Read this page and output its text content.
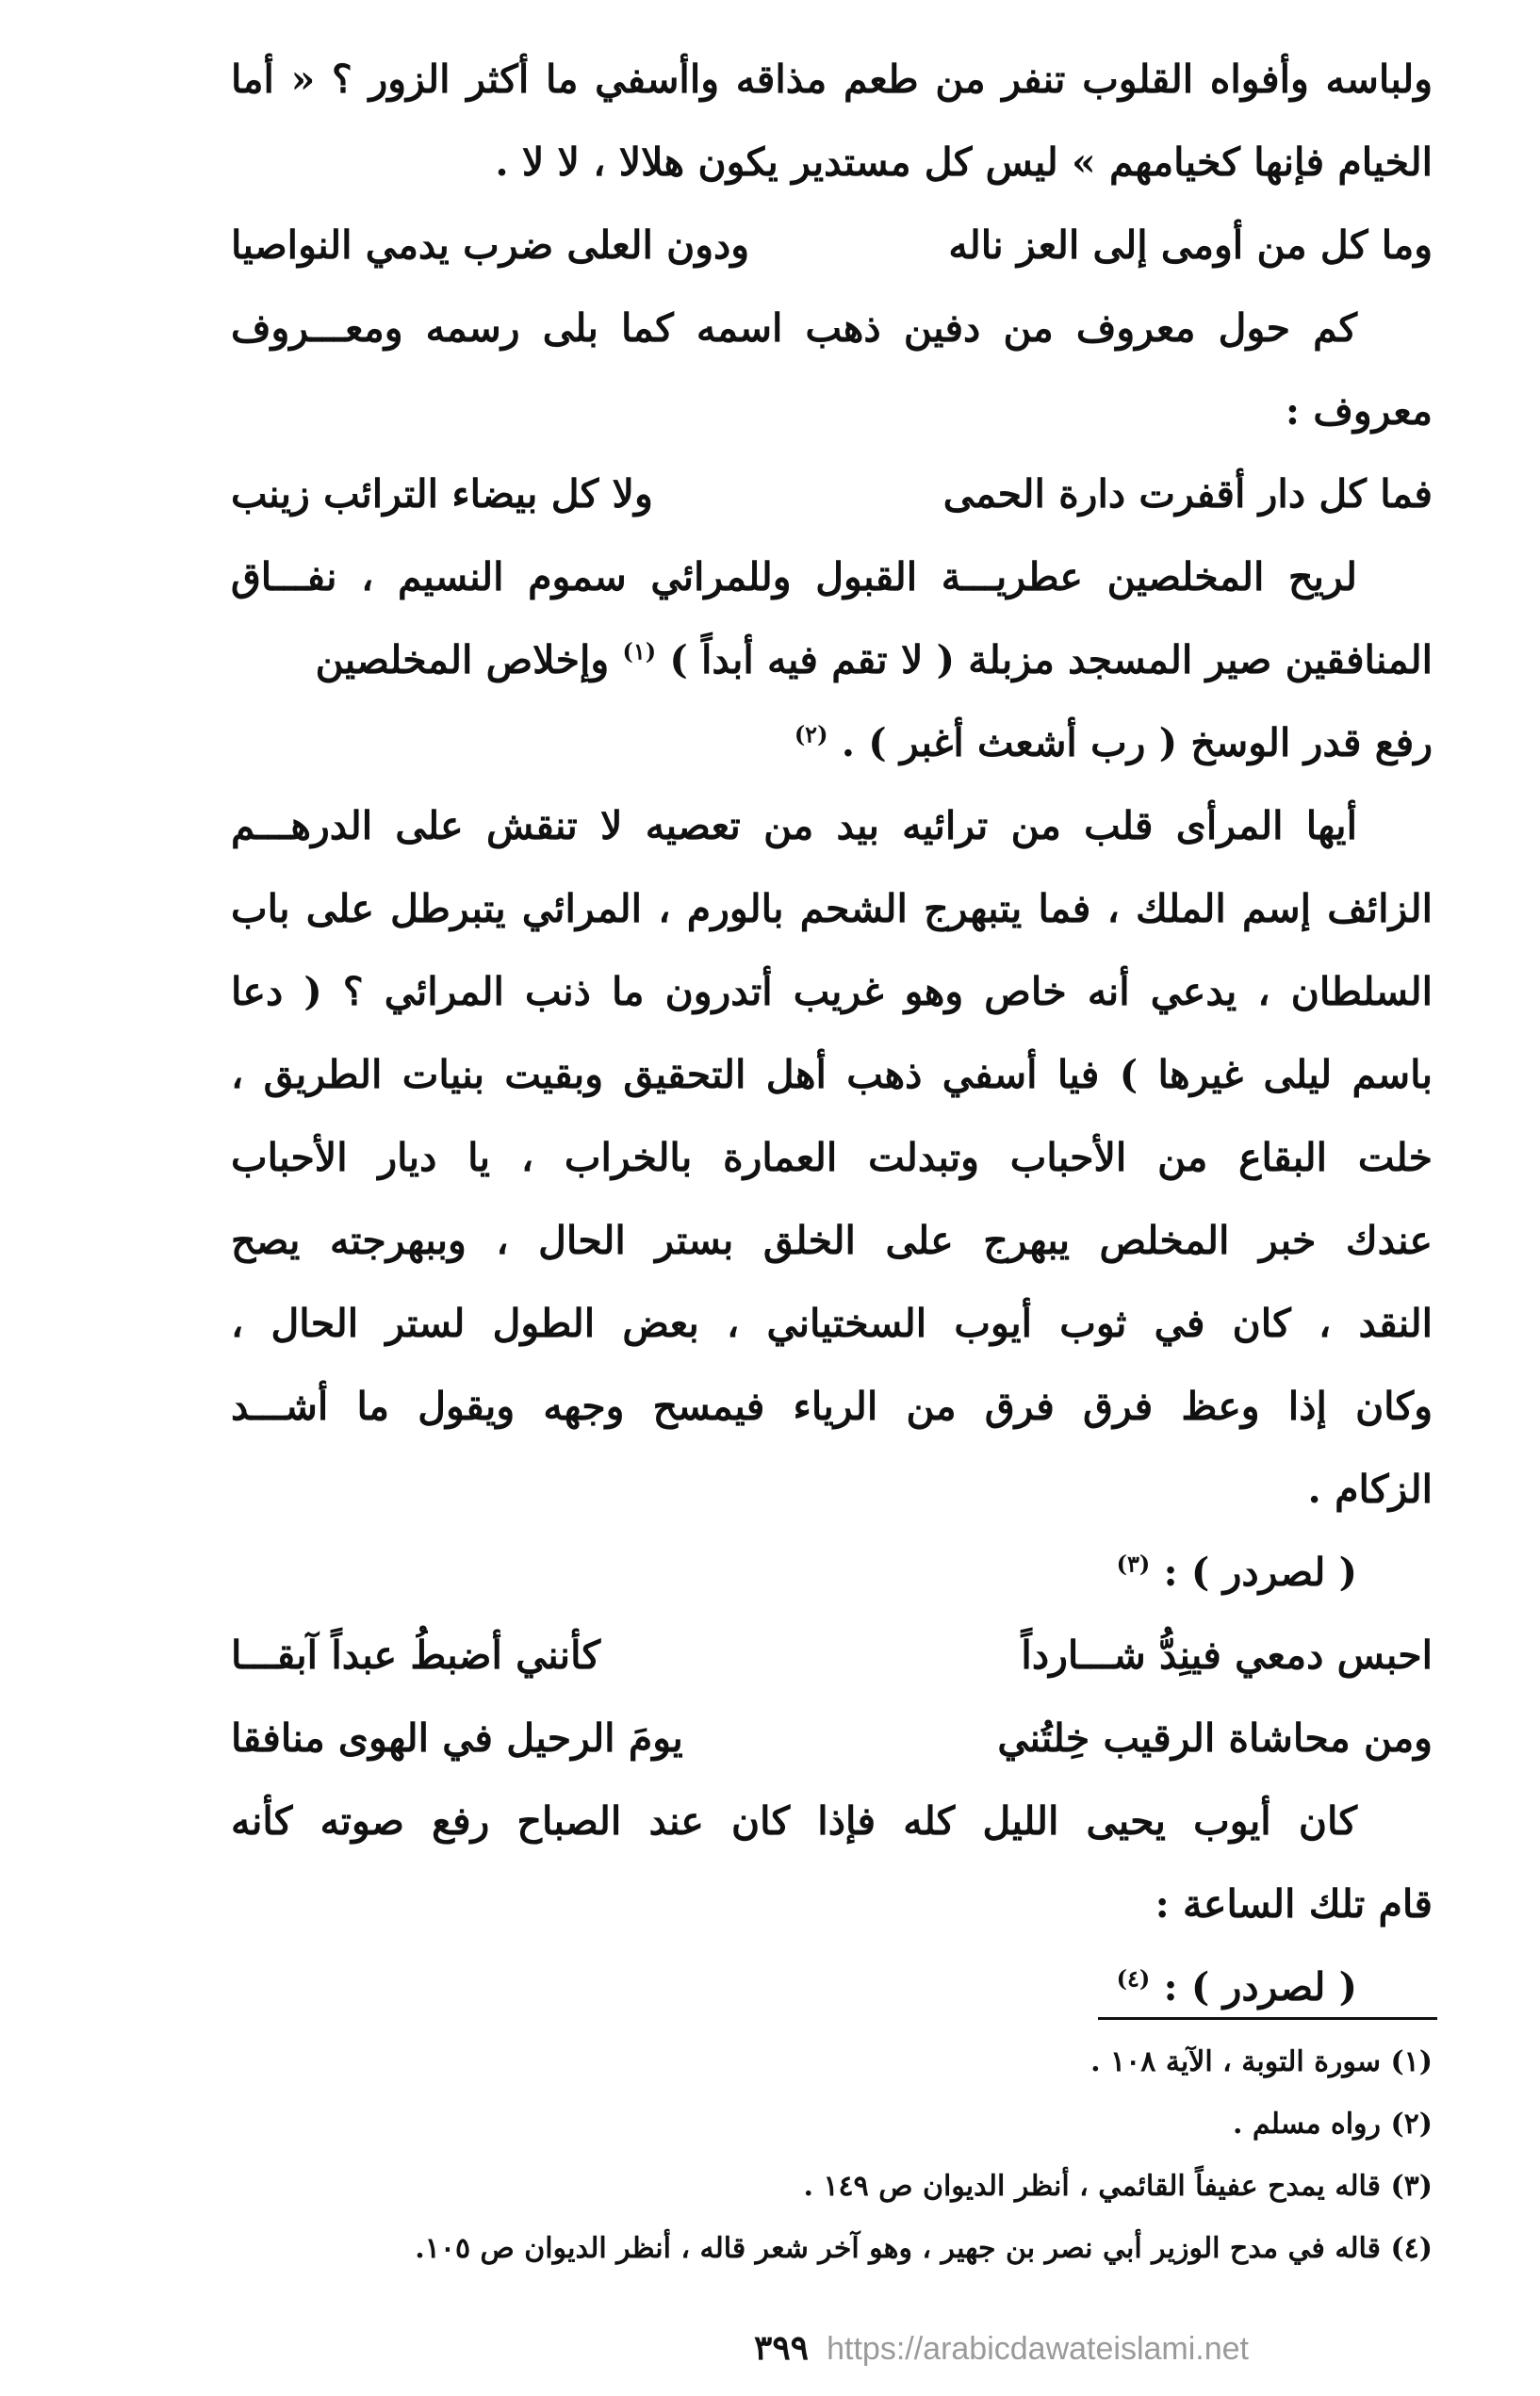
ولباسه وأفواه القلوب تنفر من طعم مذاقه واأسفي ما أكثر الزور ؟ « أما
الخيام فإنها كخيامهم » ليس كل مستدير يكون هلالا ، لا لا .
وما كل من أومى إلى العز ناله
ودون العلى ضرب يدمي النواصيا
كم حول معروف من دفين ذهب اسمه كما بلى رسمه ومعـــروف
معروف :
فما كل دار أقفرت دارة الحمى
ولا كل بيضاء الترائب زينب
لريح المخلصين عطريـــة القبول وللمرائي سموم النسيم ، نفـــاق
المنافقين صير المسجد مزبلة ( لا تقم فيه أبداً ) $^{(١)}$ وإخلاص المخلصين
رفع قدر الوسخ ( رب أشعث أغبر ) . $^{(٢)}$
أيها المرأى قلب من ترائيه بيد من تعصيه لا تنقش على الدرهـــم
الزائف إسم الملك ، فما يتبهرج الشحم بالورم ، المرائي يتبرطل على باب
السلطان ، يدعي أنه خاص وهو غريب أتدرون ما ذنب المرائي ؟ ( دعا
باسم ليلى غيرها ) فيا أسفي ذهب أهل التحقيق وبقيت بنيات الطريق ،
خلت البقاع من الأحباب وتبدلت العمارة بالخراب ، يا ديار الأحباب
عندك خبر المخلص يبهرج على الخلق بستر الحال ، وببهرجته يصح
النقد ، كان في ثوب أيوب السختياني ، بعض الطول لستر الحال ،
وكان إذا وعظ فرق فرق من الرياء فيمسح وجهه ويقول ما أشـــد
الزكام .
( لصردر ) : $^{(٣)}$
احبس دمعي فينِدُّ شـــارداً
كأنني أضبطُ عبداً آبقـــا
ومن محاشاة الرقيب خِلتُني
يومَ الرحيل في الهوى منافقا
كان أيوب يحيى الليل كله فإذا كان عند الصباح رفع صوته كأنه
قام تلك الساعة :
( لصردر ) : $^{(٤)}$
(١) سورة التوبة ، الآية ١٠٨ .
(٢) رواه مسلم .
(٣) قاله يمدح عفيفاً القائمي ، أنظر الديوان ص ١٤٩ .
(٤) قاله في مدح الوزير أبي نصر بن جهير ، وهو آخر شعر قاله ، أنظر الديوان ص ١٠٥.
٣٩٩ https://arabicdawateislami.net
